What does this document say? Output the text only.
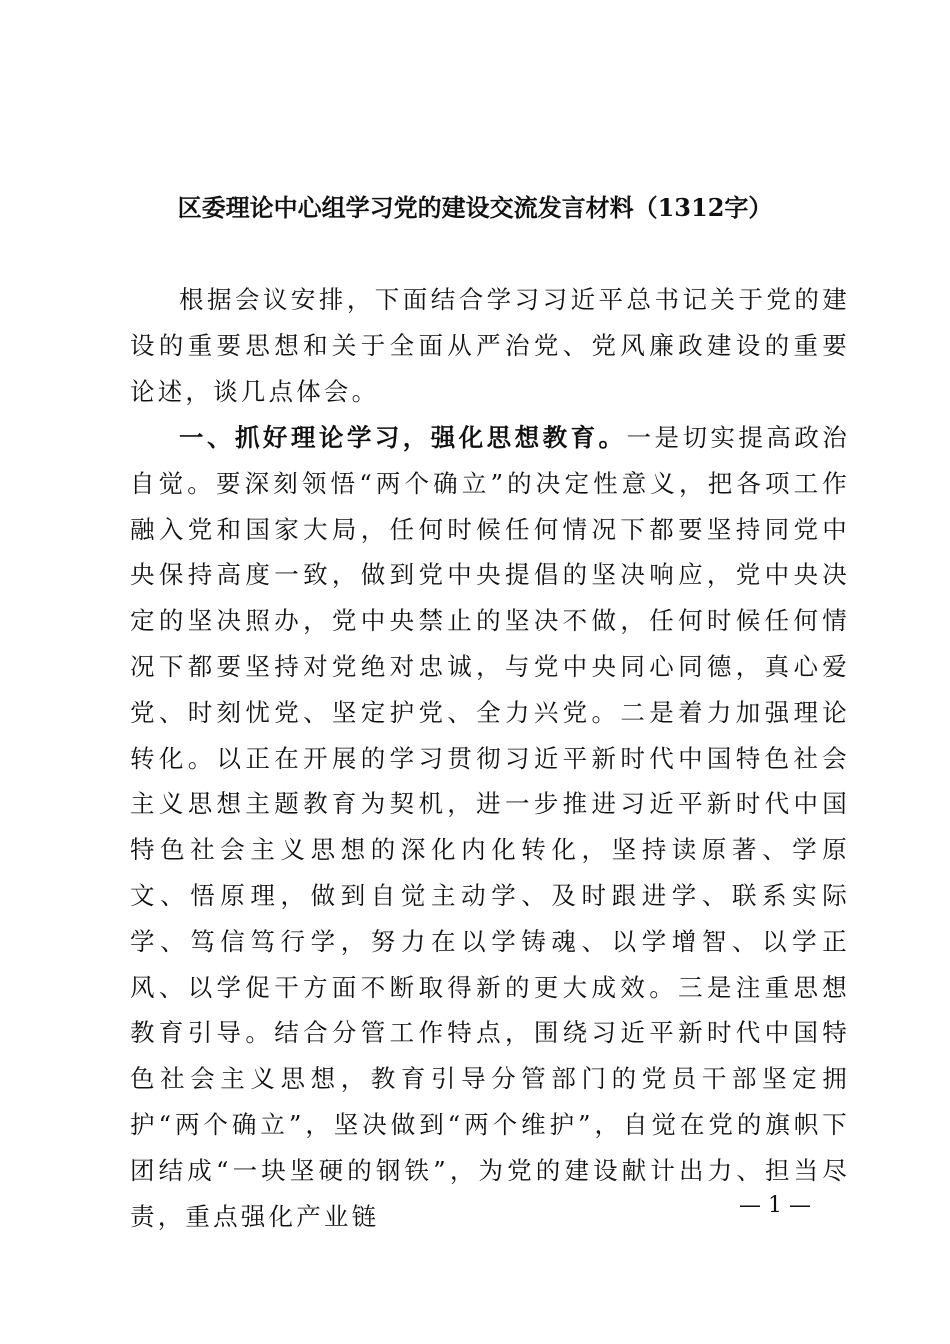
区委理论中心组学习党的建设交流发言材料（1312字）

根据会议安排，下面结合学习习近平总书记关于党的建设的重要思想和关于全面从严治党、党风廉政建设的重要论述，谈几点体会。

一、抓好理论学习，强化思想教育。一是切实提高政治自觉。要深刻领悟“两个确立”的决定性意义，把各项工作融入党和国家大局，任何时候任何情况下都要坚持同党中央保持高度一致，做到党中央提倡的坚决响应，党中央决定的坚决照办，党中央禁止的坚决不做，任何时候任何情况下都要坚持对党绝对忠诚，与党中央同心同德，真心爱党、时刻忧党、坚定护党、全力兴党。二是着力加强理论转化。以正在开展的学习贯彻习近平新时代中国特色社会主义思想主题教育为契机，进一步推进习近平新时代中国特色社会主义思想的深化内化转化，坚持读原著、学原文、悟原理，做到自觉主动学、及时跟进学、联系实际学、笃信笃行学，努力在以学铸魂、以学增智、以学正风、以学促干方面不断取得新的更大成效。三是注重思想教育引导。结合分管工作特点，围绕习近平新时代中国特色社会主义思想，教育引导分管部门的党员干部坚定拥护“两个确立”，坚决做到“两个维护”，自觉在党的旗帜下团结成“一块坚硬的钢铁”，为党的建设献计出力、担当尽责，重点强化产业链	— 1 —
